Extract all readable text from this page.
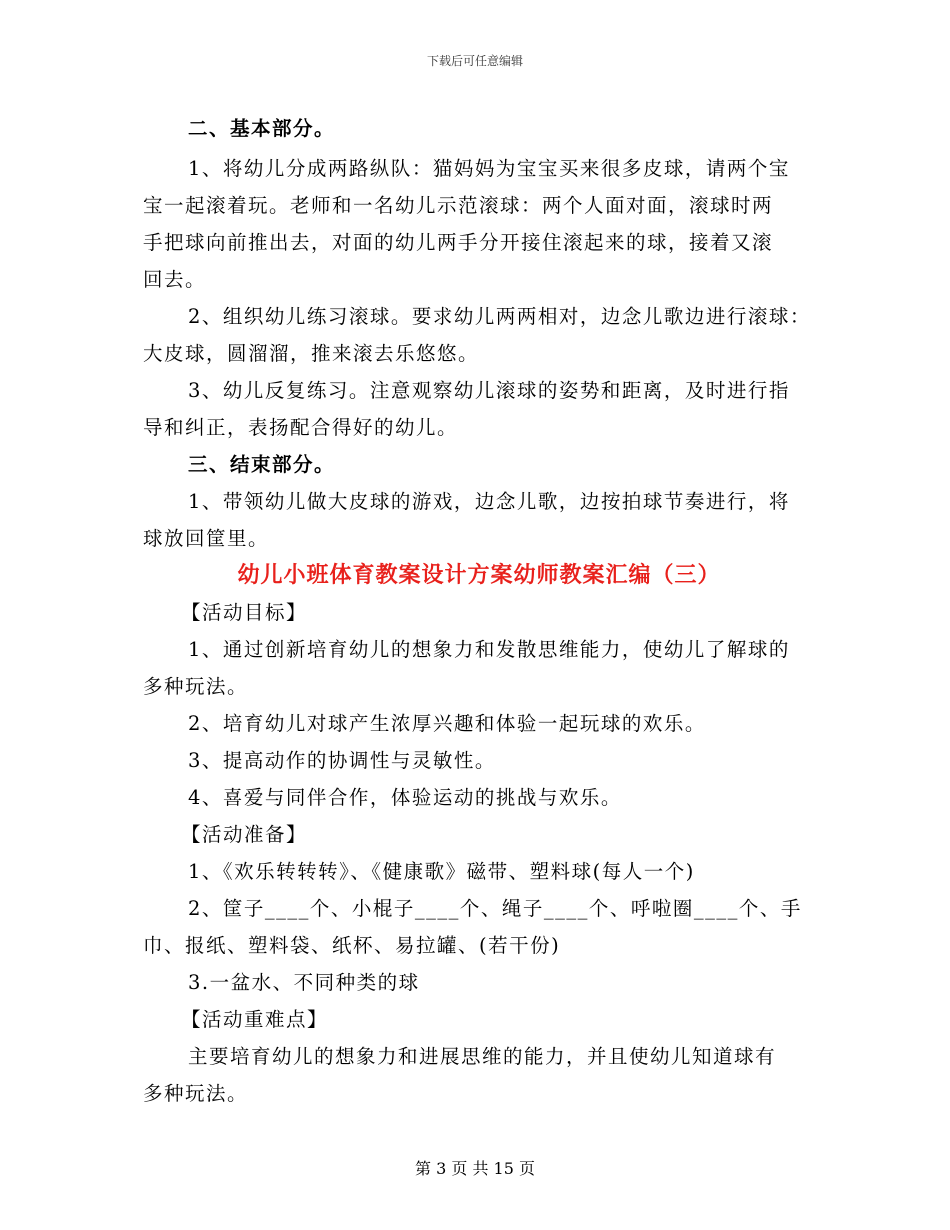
下载后可任意编辑
二、基本部分。
1、将幼儿分成两路纵队：猫妈妈为宝宝买来很多皮球，请两个宝
宝一起滚着玩。老师和一名幼儿示范滚球：两个人面对面，滚球时两
手把球向前推出去，对面的幼儿两手分开接住滚起来的球，接着又滚
回去。
2、组织幼儿练习滚球。要求幼儿两两相对，边念儿歌边进行滚球：
大皮球，圆溜溜，推来滚去乐悠悠。
3、幼儿反复练习。注意观察幼儿滚球的姿势和距离，及时进行指
导和纠正，表扬配合得好的幼儿。
三、结束部分。
1、带领幼儿做大皮球的游戏，边念儿歌，边按拍球节奏进行，将
球放回筐里。
幼儿小班体育教案设计方案幼师教案汇编（三）
【活动目标】
1、通过创新培育幼儿的想象力和发散思维能力，使幼儿了解球的
多种玩法。
2、培育幼儿对球产生浓厚兴趣和体验一起玩球的欢乐。
3、提高动作的协调性与灵敏性。
4、喜爱与同伴合作，体验运动的挑战与欢乐。
【活动准备】
1、《欢乐转转转》、《健康歌》磁带、塑料球(每人一个)
2、筐子____个、小棍子____个、绳子____个、呼啦圈____个、手
巾、报纸、塑料袋、纸杯、易拉罐、(若干份)
3.一盆水、不同种类的球
【活动重难点】
主要培育幼儿的想象力和进展思维的能力，并且使幼儿知道球有
多种玩法。
第 3 页 共 15 页
